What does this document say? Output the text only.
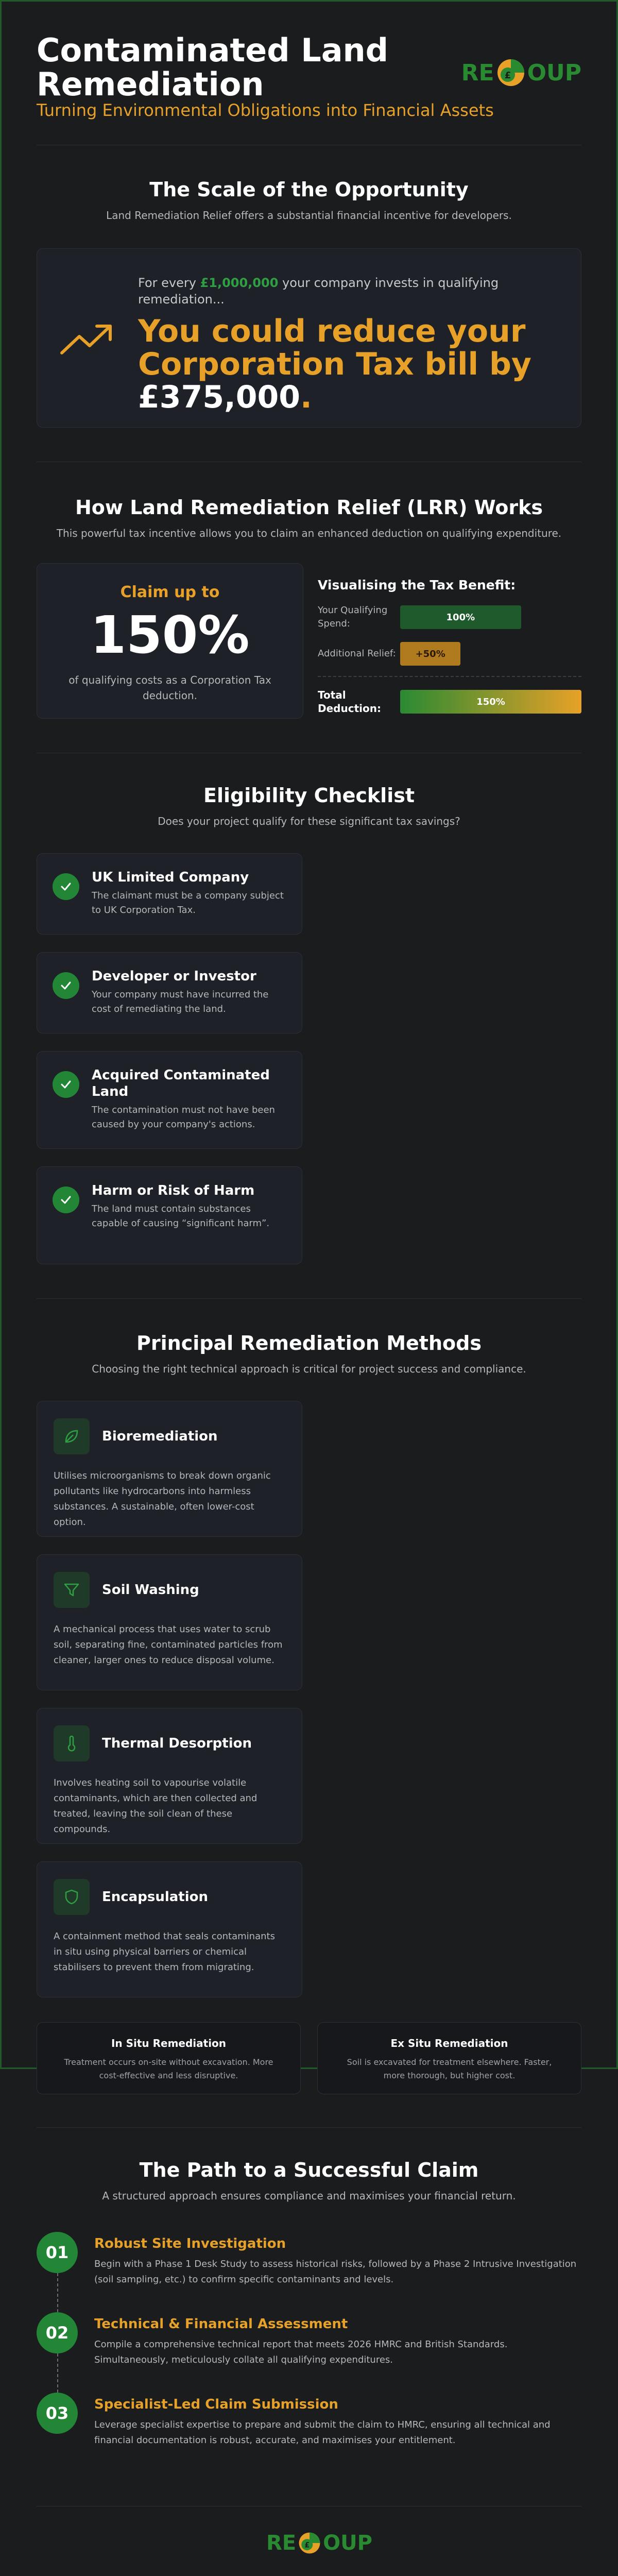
Contaminated Land Remediation
Turning Environmental Obligations into Financial Assets
RE £ OUP
The Scale of the Opportunity
Land Remediation Relief offers a substantial financial incentive for developers.
For every £1,000,000 your company invests in qualifying remediation...
You could reduce your Corporation Tax bill by £375,000.
How Land Remediation Relief (LRR) Works
This powerful tax incentive allows you to claim an enhanced deduction on qualifying expenditure.
Claim up to
150%
of qualifying costs as a Corporation Tax deduction.
Visualising the Tax Benefit:
Your Qualifying Spend:
100%
Additional Relief:	+50%
Total Deduction:
150%
Eligibility Checklist
Does your project qualify for these significant tax savings?
UK Limited Company
The claimant must be a company subject to UK Corporation Tax.
Developer or Investor
Your company must have incurred the cost of remediating the land.
Acquired Contaminated Land
The contamination must not have been caused by your company's actions.
Harm or Risk of Harm
The land must contain substances capable of causing “significant harm”.
Principal Remediation Methods
Choosing the right technical approach is critical for project success and compliance.
Bioremediation
Utilises microorganisms to break down organic pollutants like hydrocarbons into harmless substances. A sustainable, often lower-cost option.
Soil Washing
A mechanical process that uses water to scrub soil, separating fine, contaminated particles from cleaner, larger ones to reduce disposal volume.
Thermal Desorption
Involves heating soil to vapourise volatile contaminants, which are then collected and treated, leaving the soil clean of these compounds.
Encapsulation
A containment method that seals contaminants in situ using physical barriers or chemical stabilisers to prevent them from migrating.
In Situ Remediation
Treatment occurs on-site without excavation. More cost-effective and less disruptive.
Ex Situ Remediation
Soil is excavated for treatment elsewhere. Faster, more thorough, but higher cost.
The Path to a Successful Claim
A structured approach ensures compliance and maximises your financial return.
01	Robust Site Investigation
Begin with a Phase 1 Desk Study to assess historical risks, followed by a Phase 2 Intrusive Investigation (soil sampling, etc.) to confirm specific contaminants and levels.
02	Technical & Financial Assessment
Compile a comprehensive technical report that meets 2026 HMRC and British Standards. Simultaneously, meticulously collate all qualifying expenditures.
03	Specialist-Led Claim Submission
Leverage specialist expertise to prepare and submit the claim to HMRC, ensuring all technical and financial documentation is robust, accurate, and maximises your entitlement.
RE £ OUP
